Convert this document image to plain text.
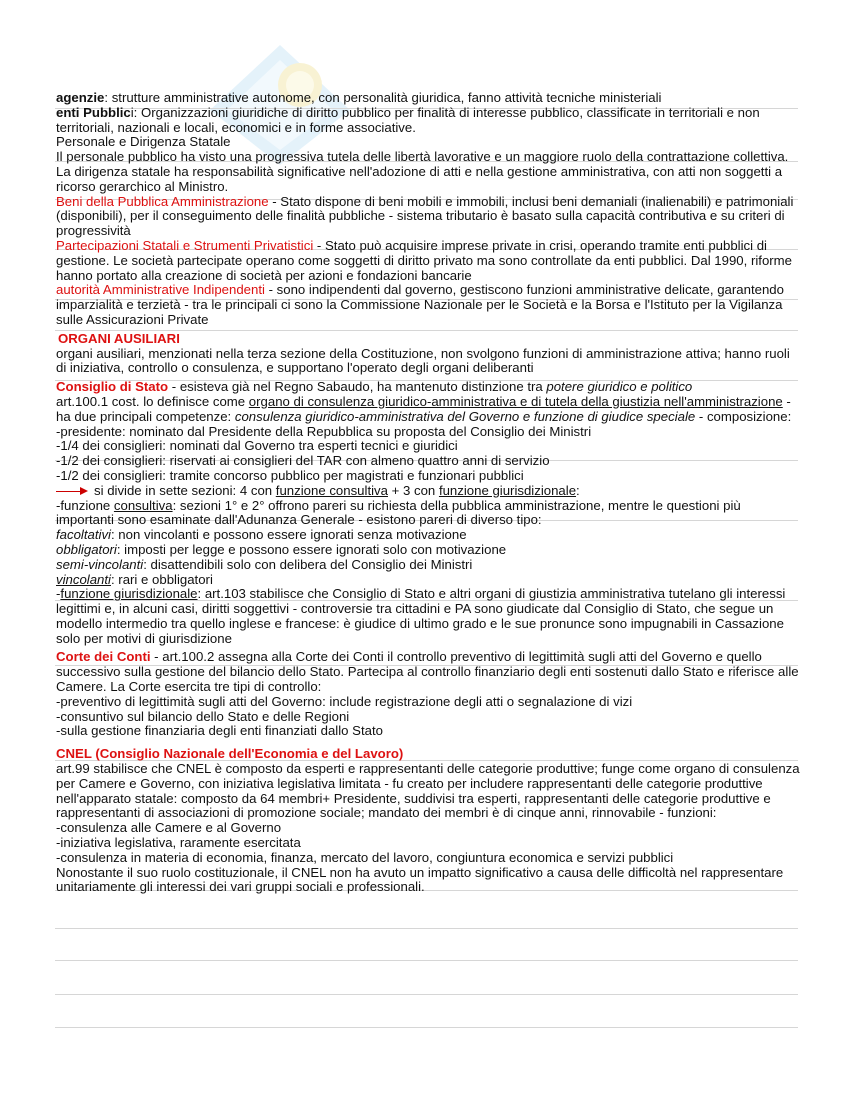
agenzie: strutture amministrative autonome, con personalità giuridica, fanno attività tecniche ministeriali

enti Pubblici: Organizzazioni giuridiche di diritto pubblico per finalità di interesse pubblico, classificate in territoriali e non territoriali, nazionali e locali, economici e in forme associative.

Personale e Dirigenza Statale

Il personale pubblico ha visto una progressiva tutela delle libertà lavorative e un maggiore ruolo della contrattazione collettiva. La dirigenza statale ha responsabilità significative nell'adozione di atti e nella gestione amministrativa, con atti non soggetti a ricorso gerarchico al Ministro.

Beni della Pubblica Amministrazione - Stato dispone di beni mobili e immobili, inclusi beni demaniali (inalienabili) e patrimoniali (disponibili), per il conseguimento delle finalità pubbliche - sistema tributario è basato sulla capacità contributiva e su criteri di progressività

Partecipazioni Statali e Strumenti Privatistici - Stato può acquisire imprese private in crisi, operando tramite enti pubblici di gestione. Le società partecipate operano come soggetti di diritto privato ma sono controllate da enti pubblici. Dal 1990, riforme hanno portato alla creazione di società per azioni e fondazioni bancarie

autorità Amministrative Indipendenti - sono indipendenti dal governo, gestiscono funzioni amministrative delicate, garantendo imparzialità e terzietà - tra le principali ci sono la Commissione Nazionale per le Società e la Borsa e l'Istituto per la Vigilanza sulle Assicurazioni Private

ORGANI AUSILIARI

organi ausiliari, menzionati nella terza sezione della Costituzione, non svolgono funzioni di amministrazione attiva; hanno ruoli di iniziativa, controllo o consulenza, e supportano l'operato degli organi deliberanti

Consiglio di Stato - esisteva già nel Regno Sabaudo, ha mantenuto distinzione tra potere giuridico e politico

art.100.1 cost. lo definisce come organo di consulenza giuridico-amministrativa e di tutela della giustizia nell'amministrazione - ha due principali competenze: consulenza giuridico-amministrativa del Governo e funzione di giudice speciale - composizione:

-presidente: nominato dal Presidente della Repubblica su proposta del Consiglio dei Ministri

-1/4 dei consiglieri: nominati dal Governo tra esperti tecnici e giuridici

-1/2 dei consiglieri: riservati ai consiglieri del TAR con almeno quattro anni di servizio

-1/2 dei consiglieri: tramite concorso pubblico per magistrati e funzionari pubblici

si divide in sette sezioni: 4 con funzione consultiva + 3 con funzione giurisdizionale:

-funzione consultiva: sezioni 1° e 2° offrono pareri su richiesta della pubblica amministrazione, mentre le questioni più importanti sono esaminate dall'Adunanza Generale - esistono pareri di diverso tipo:

facoltativi: non vincolanti e possono essere ignorati senza motivazione

obbligatori: imposti per legge e possono essere ignorati solo con motivazione

semi-vincolanti: disattendibili solo con delibera del Consiglio dei Ministri

vincolanti: rari e obbligatori

-funzione giurisdizionale: art.103 stabilisce che Consiglio di Stato e altri organi di giustizia amministrativa tutelano gli interessi legittimi e, in alcuni casi, diritti soggettivi - controversie tra cittadini e PA sono giudicate dal Consiglio di Stato, che segue un modello intermedio tra quello inglese e francese: è giudice di ultimo grado e le sue pronunce sono impugnabili in Cassazione solo per motivi di giurisdizione

Corte dei Conti - art.100.2 assegna alla Corte dei Conti il controllo preventivo di legittimità sugli atti del Governo e quello successivo sulla gestione del bilancio dello Stato. Partecipa al controllo finanziario degli enti sostenuti dallo Stato e riferisce alle Camere. La Corte esercita tre tipi di controllo:

-preventivo di legittimità sugli atti del Governo: include registrazione degli atti o segnalazione di vizi

-consuntivo sul bilancio dello Stato e delle Regioni

-sulla gestione finanziaria degli enti finanziati dallo Stato

CNEL (Consiglio Nazionale dell'Economia e del Lavoro)

art.99 stabilisce che CNEL è composto da esperti e rappresentanti delle categorie produttive; funge come organo di consulenza per Camere e Governo, con iniziativa legislativa limitata - fu creato per includere rappresentanti delle categorie produttive nell'apparato statale: composto da 64 membri+ Presidente, suddivisi tra esperti, rappresentanti delle categorie produttive e rappresentanti di associazioni di promozione sociale; mandato dei membri è di cinque anni, rinnovabile - funzioni:

-consulenza alle Camere e al Governo

-iniziativa legislativa, raramente esercitata

-consulenza in materia di economia, finanza, mercato del lavoro, congiuntura economica e servizi pubblici

Nonostante il suo ruolo costituzionale, il CNEL non ha avuto un impatto significativo a causa delle difficoltà nel rappresentare unitariamente gli interessi dei vari gruppi sociali e professionali.
